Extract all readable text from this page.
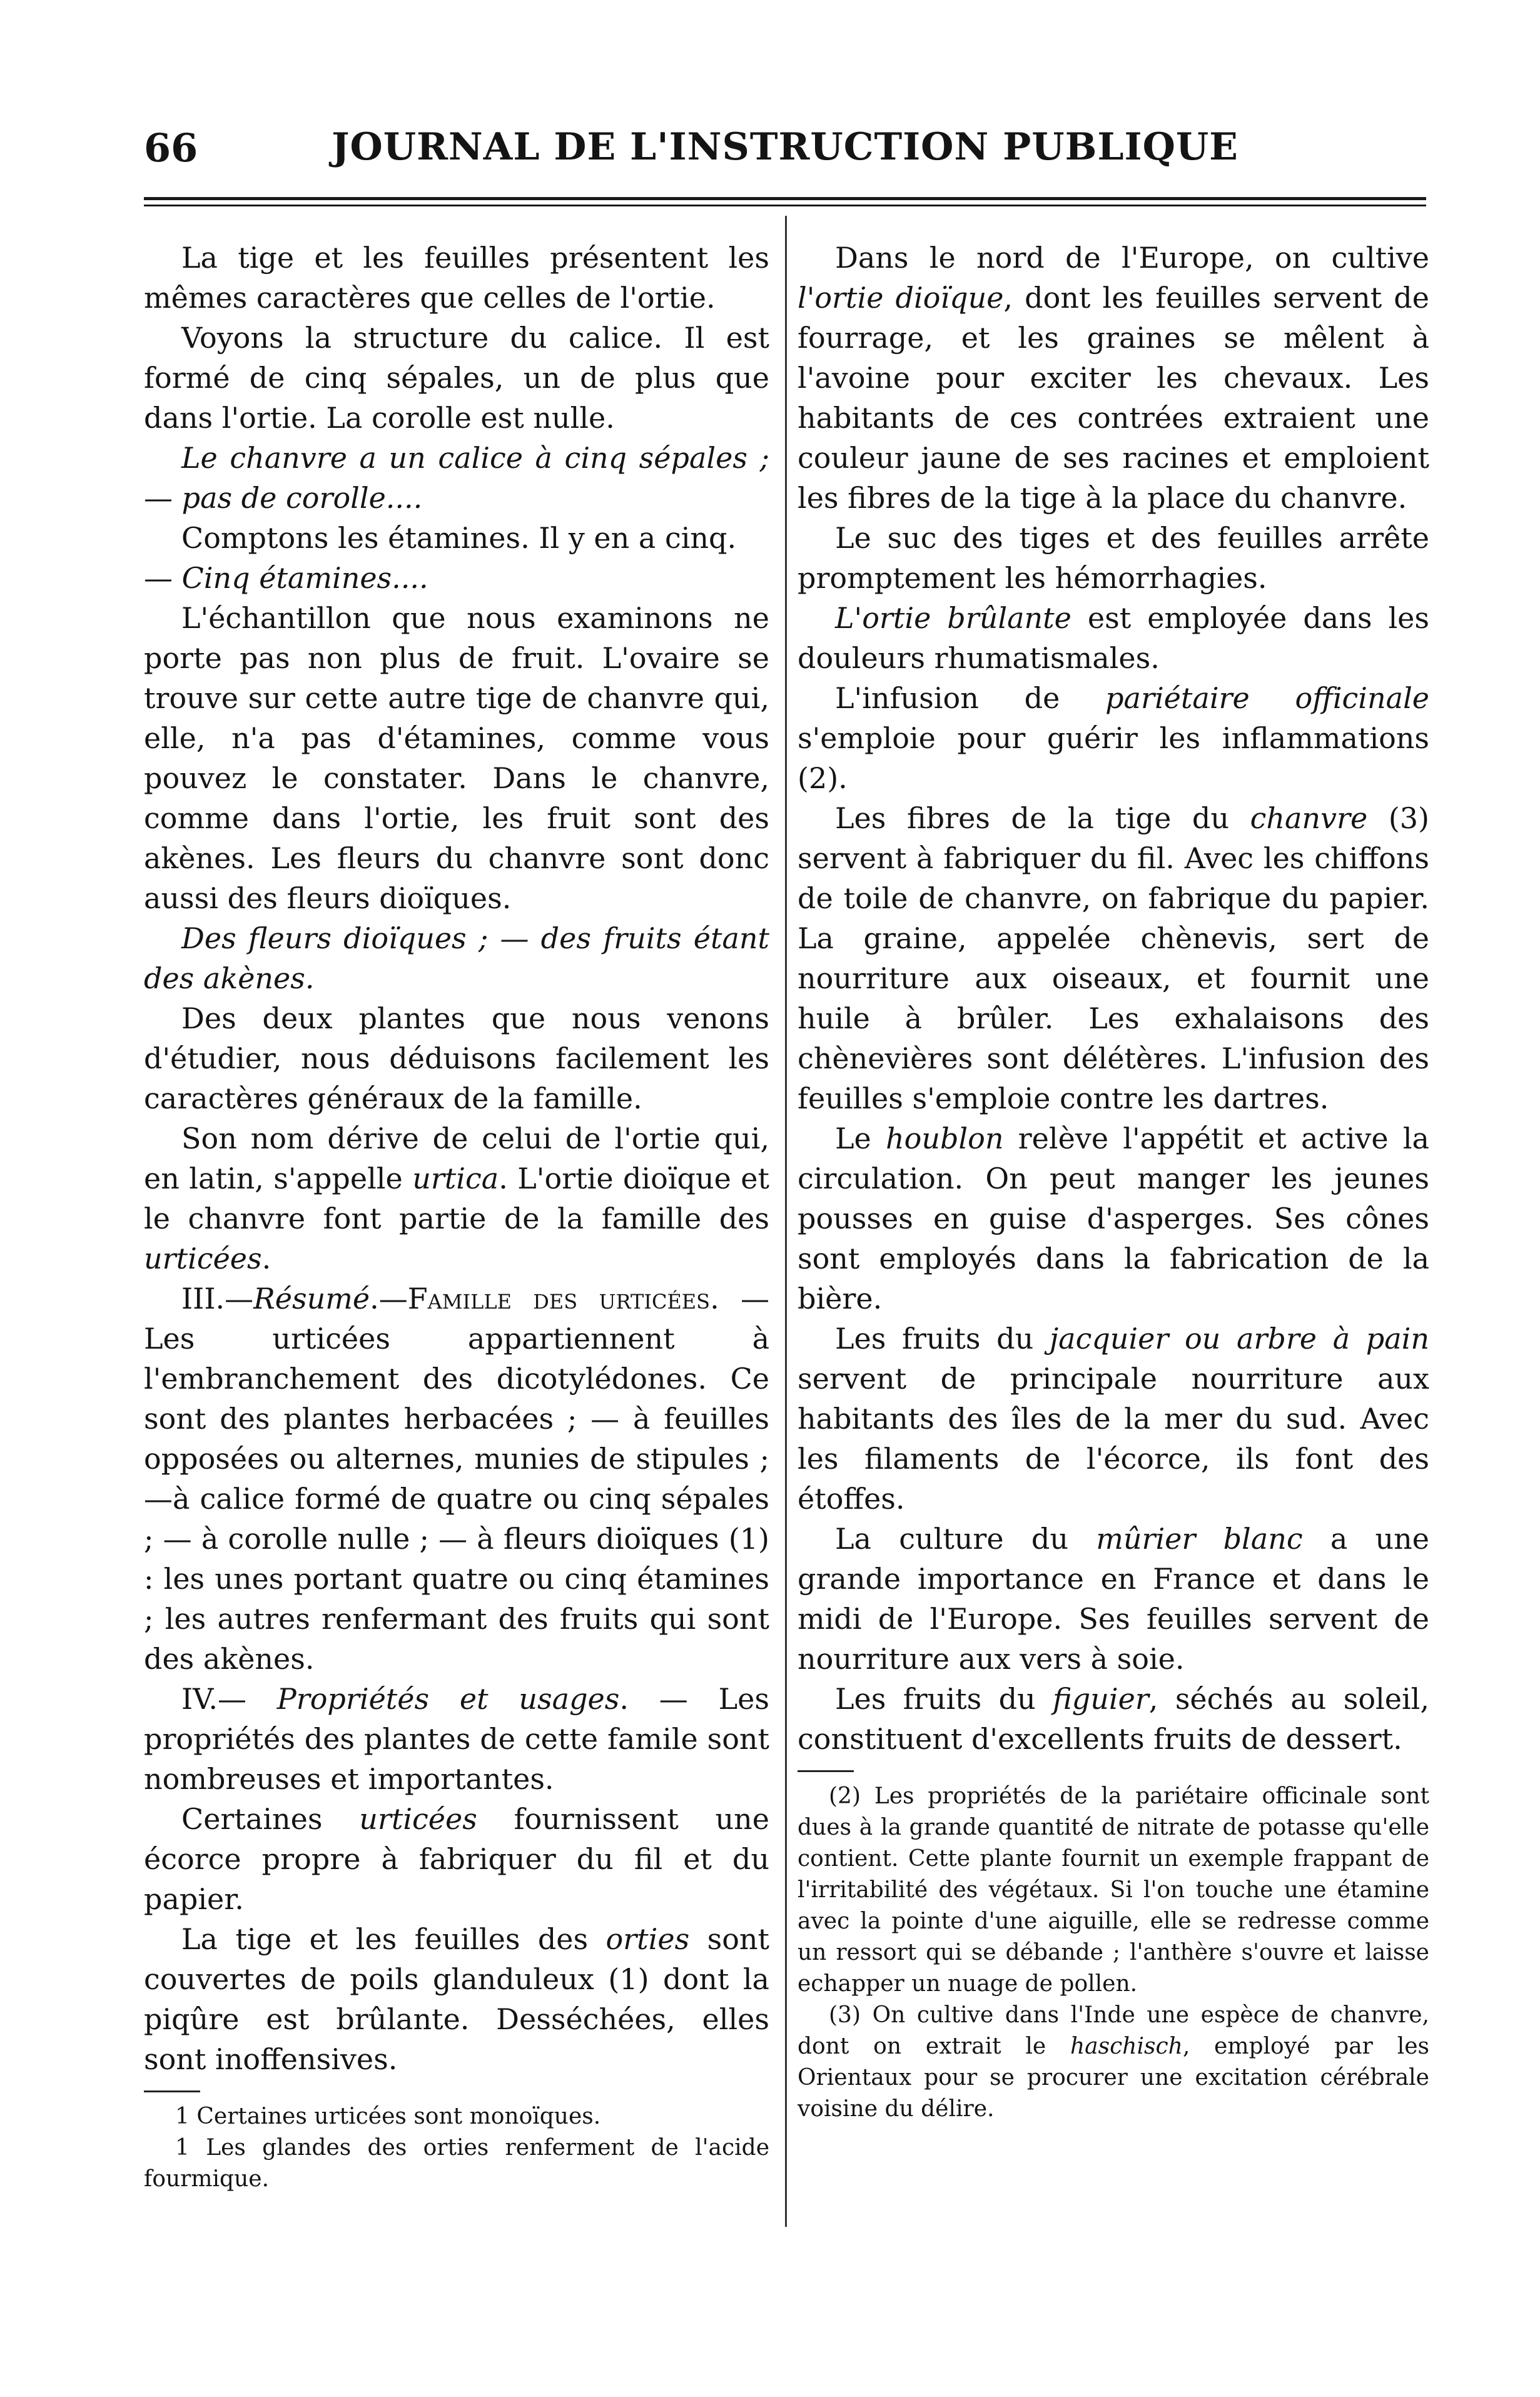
66	JOURNAL DE L'INSTRUCTION PUBLIQUE

La tige et les feuilles présentent les mêmes caractères que celles de l'ortie.

Voyons la structure du calice. Il est formé de cinq sépales, un de plus que dans l'ortie. La corolle est nulle.

Le chanvre a un calice à cinq sépales ; — pas de corolle....

Comptons les étamines. Il y en a cinq.

— Cinq étamines....

L'échantillon que nous examinons ne porte pas non plus de fruit. L'ovaire se trouve sur cette autre tige de chanvre qui, elle, n'a pas d'étamines, comme vous pouvez le constater. Dans le chanvre, comme dans l'ortie, les fruit sont des akènes. Les fleurs du chanvre sont donc aussi des fleurs dioïques.

Des fleurs dioïques ; — des fruits étant des akènes.

Des deux plantes que nous venons d'étudier, nous déduisons facilement les caractères généraux de la famille.

Son nom dérive de celui de l'ortie qui, en latin, s'appelle urtica. L'ortie dioïque et le chanvre font partie de la famille des urticées.

III.—Résumé.—Famille des urticées. —Les urticées appartiennent à l'embranchement des dicotylédones. Ce sont des plantes herbacées ; — à feuilles opposées ou alternes, munies de stipules ;—à calice formé de quatre ou cinq sépales ; — à corolle nulle ; — à fleurs dioïques (1) : les unes portant quatre ou cinq étamines ; les autres renfermant des fruits qui sont des akènes.

IV.— Propriétés et usages. — Les propriétés des plantes de cette famile sont nombreuses et importantes.

Certaines urticées fournissent une écorce propre à fabriquer du fil et du papier.

La tige et les feuilles des orties sont couvertes de poils glanduleux (1) dont la piqûre est brûlante. Desséchées, elles sont inoffensives.

1 Certaines urticées sont monoïques.

1 Les glandes des orties renferment de l'acide fourmique.

Dans le nord de l'Europe, on cultive l'ortie dioïque, dont les feuilles servent de fourrage, et les graines se mêlent à l'avoine pour exciter les chevaux. Les habitants de ces contrées extraient une couleur jaune de ses racines et emploient les fibres de la tige à la place du chanvre.

Le suc des tiges et des feuilles arrête promptement les hémorrhagies.

L'ortie brûlante est employée dans les douleurs rhumatismales.

L'infusion de pariétaire officinale s'emploie pour guérir les inflammations (2).

Les fibres de la tige du chanvre (3) servent à fabriquer du fil. Avec les chiffons de toile de chanvre, on fabrique du papier. La graine, appelée chènevis, sert de nourriture aux oiseaux, et fournit une huile à brûler. Les exhalaisons des chènevières sont délétères. L'infusion des feuilles s'emploie contre les dartres.

Le houblon relève l'appétit et active la circulation. On peut manger les jeunes pousses en guise d'asperges. Ses cônes sont employés dans la fabrication de la bière.

Les fruits du jacquier ou arbre à pain servent de principale nourriture aux habitants des îles de la mer du sud. Avec les filaments de l'écorce, ils font des étoffes.

La culture du mûrier blanc a une grande importance en France et dans le midi de l'Europe. Ses feuilles servent de nourriture aux vers à soie.

Les fruits du figuier, séchés au soleil, constituent d'excellents fruits de dessert.

(2) Les propriétés de la pariétaire officinale sont dues à la grande quantité de nitrate de potasse qu'elle contient. Cette plante fournit un exemple frappant de l'irritabilité des végétaux. Si l'on touche une étamine avec la pointe d'une aiguille, elle se redresse comme un ressort qui se débande ; l'anthère s'ouvre et laisse echapper un nuage de pollen.

(3) On cultive dans l'Inde une espèce de chanvre, dont on extrait le haschisch, employé par les Orientaux pour se procurer une excitation cérébrale voisine du délire.
